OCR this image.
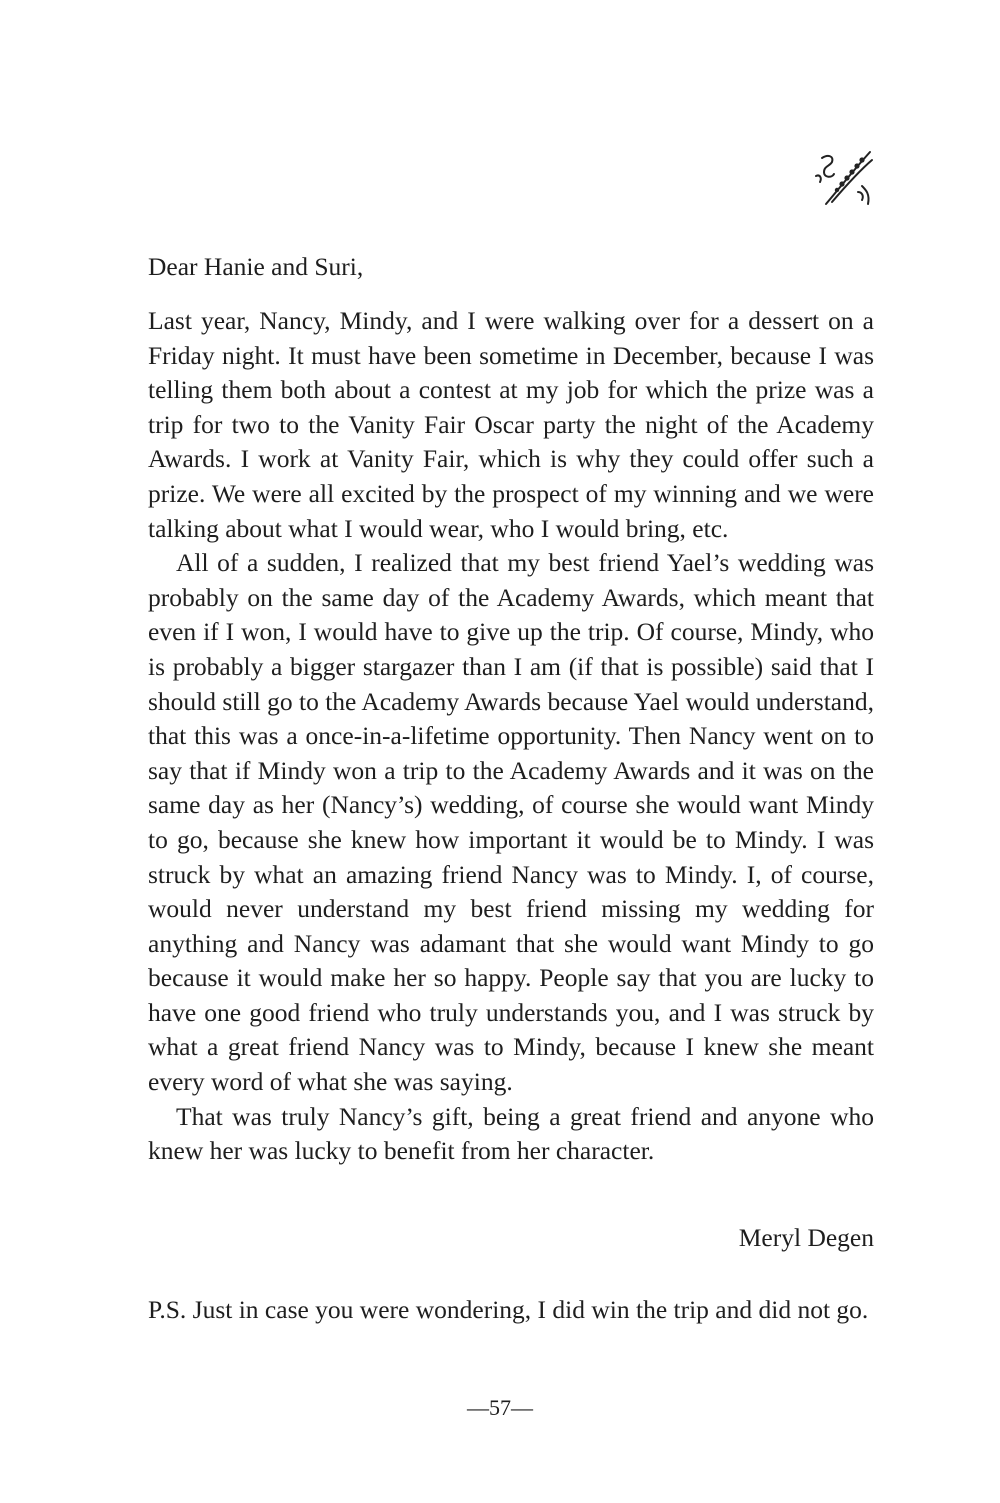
Dear Hanie and Suri,

Last year, Nancy, Mindy, and I were walking over for a dessert on a Friday night. It must have been sometime in December, because I was telling them both about a contest at my job for which the prize was a trip for two to the Vanity Fair Oscar party the night of the Academy Awards. I work at Vanity Fair, which is why they could offer such a prize. We were all excited by the prospect of my winning and we were talking about what I would wear, who I would bring, etc.

All of a sudden, I realized that my best friend Yael’s wedding was probably on the same day of the Academy Awards, which meant that even if I won, I would have to give up the trip. Of course, Mindy, who is probably a bigger stargazer than I am (if that is possible) said that I should still go to the Academy Awards because Yael would understand, that this was a once-in-a-lifetime opportunity. Then Nancy went on to say that if Mindy won a trip to the Academy Awards and it was on the same day as her (Nancy’s) wedding, of course she would want Mindy to go, because she knew how important it would be to Mindy. I was struck by what an amazing friend Nancy was to Mindy. I, of course, would never understand my best friend missing my wedding for anything and Nancy was adamant that she would want Mindy to go because it would make her so happy. People say that you are lucky to have one good friend who truly understands you, and I was struck by what a great friend Nancy was to Mindy, because I knew she meant every word of what she was saying.

That was truly Nancy’s gift, being a great friend and anyone who knew her was lucky to benefit from her character.

Meryl Degen
P.S. Just in case you were wondering, I did win the trip and did not go.
—57—
